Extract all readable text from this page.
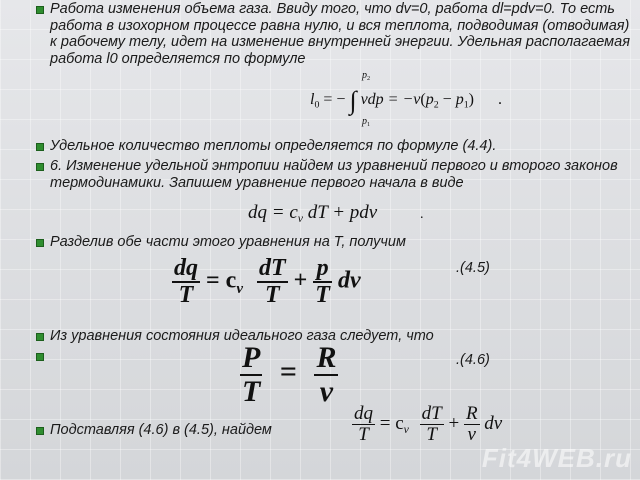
Работа изменения объема газа. Ввиду того, что dv=0, работа dl=pdv=0. То есть работа в изохорном процессе равна нулю, и вся теплота, подводимая (отводимая) к рабочему телу, идет на изменение внутренней энергии. Удельная располагаемая работа l0 определяется по формуле

$l_0$ = − ∫ $\nu dp = -\nu(p_2 - p_1)$ .
$p_2$
$p_1$

Удельное количество теплоты определяется по формуле (4.4).

6. Изменение удельной энтропии найдем из уравнений первого и второго законов термодинамики. Запишем уравнение первого начала в виде

dq = $c_v$ dT + pdν	.

Разделив обе части этого уравнения на Т, получим

$\frac{dq}{T} = c_v \frac{dT}{T} + \frac{p}{T}$ dν	.(4.5)

Из уравнения состояния идеального газа следует, что

$\frac{P}{T} = \frac{R}{\nu}$	.(4.6)

Подставляя (4.6) в (4.5), найдем	$\frac{dq}{T} = c_v \frac{dT}{T} + \frac{R}{\nu}$ dν
Fit4WEB.ru
